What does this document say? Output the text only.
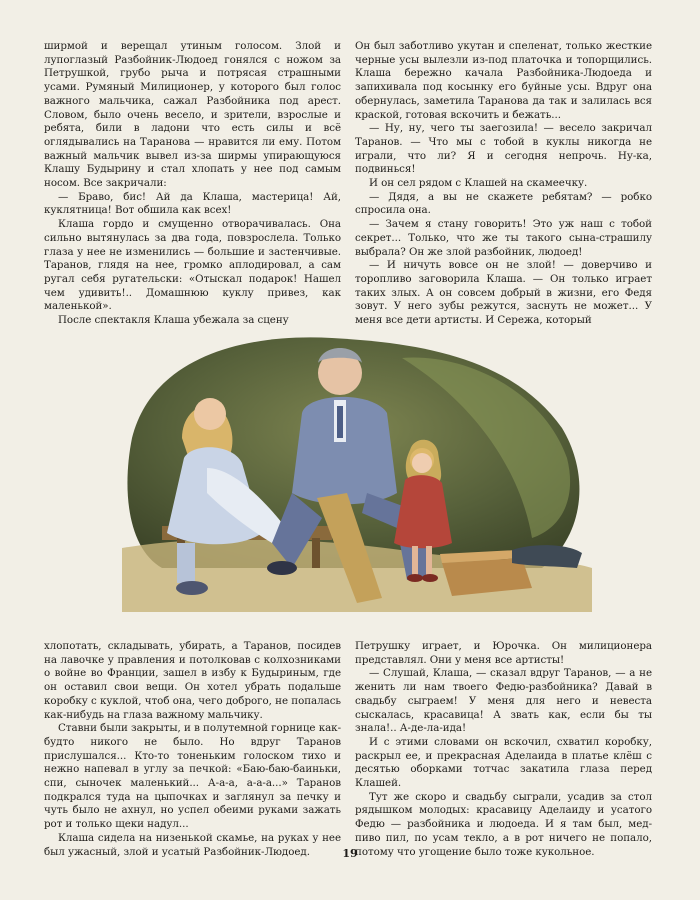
ширмой и верещал утиным голосом. Злой и лупоглазый Разбойник-Людоед гонялся с ножом за Петрушкой, грубо рыча и потрясая страшными усами. Румяный Милиционер, у которого был голос важного мальчика, сажал Разбойника под арест. Словом, было очень весело, и зрители, взрослые и ребята, били в ладони что есть силы и всё оглядывались на Таранова — нравится ли ему. Потом важный мальчик вывел из-за ширмы упирающуюся Клашу Будырину и стал хлопать у нее под самым носом. Все закричали:

— Браво, бис! Ай да Клаша, мастерица! Ай, куклятница! Вот обшила как всех!

Клаша гордо и смущенно отворачивалась. Она сильно вытянулась за два года, повзрослела. Только глаза у нее не изменились — большие и застенчивые. Таранов, глядя на нее, громко аплодировал, а сам ругал себя ругательски: «Отыскал подарок! Нашел чем удивить!.. Домашнюю куклу привез, как маленькой».

После спектакля Клаша убежала за сцену

Он был заботливо укутан и спеленат, только жесткие черные усы вылезли из-под платочка и топорщились. Клаша бережно качала Разбойника-Людоеда и запихивала под косынку его буйные усы. Вдруг она обернулась, заметила Таранова да так и залилась вся краской, готовая вскочить и бежать...

— Ну, ну, чего ты заегозила! — весело закричал Таранов. — Что мы с тобой в куклы никогда не играли, что ли? Я и сегодня непрочь. Ну-ка, подвинься!

И он сел рядом с Клашей на скамеечку.

— Дядя, а вы не скажете ребятам? — робко спросила она.

— Зачем я стану говорить! Это уж наш с тобой секрет... Только, что же ты такого сына-страшилу выбрала? Он же злой разбойник, людоед!

— И ничуть вовсе он не злой! — доверчиво и торопливо заговорила Клаша. — Он только играет таких злых. А он совсем добрый в жизни, его Федя зовут. У него зубы режутся, заснуть не может... У меня все дети артисты. И Сережа, который

хлопотать, складывать, убирать, а Таранов, посидев на лавочке у правления и потолковав с колхозниками о войне во Франции, зашел в избу к Будыриным, где он оставил свои вещи. Он хотел убрать подальше коробку с куклой, чтоб она, чего доброго, не попалась как-нибудь на глаза важному мальчику.

Ставни были закрыты, и в полутемной горнице как-будто никого не было. Но вдруг Таранов прислушался... Кто-то тоненьким голоском тихо и нежно напевал в углу за печкой: «Баю-баю-баиньки, спи, сыночек маленький... А-а-а, а-а-а...» Таранов подкрался туда на цыпочках и заглянул за печку и чуть было не ахнул, но успел обеими руками зажать рот и только щеки надул...

Клаша сидела на низенькой скамье, на руках у нее был ужасный, злой и усатый Разбойник-Людоед.

Петрушку играет, и Юрочка. Он милиционера представлял. Они у меня все артисты!

— Слушай, Клаша, — сказал вдруг Таранов, — а не женить ли нам твоего Федю-разбойника? Давай в свадьбу сыграем! У меня для него и невеста сыскалась, красавица! А звать как, если бы ты знала!.. А-де-ла-ида!

И с этими словами он вскочил, схватил коробку, раскрыл ее, и прекрасная Аделаида в платье клёш с десятью оборками тотчас закатила глаза перед Клашей.

Тут же скоро и свадьбу сыграли, усадив за стол рядышком молодых: красавицу Аделаиду и усатого Федю — разбойника и людоеда. И я там был, мед-пиво пил, по усам текло, а в рот ничего не попало, потому что угощение было тоже кукольное.

19
